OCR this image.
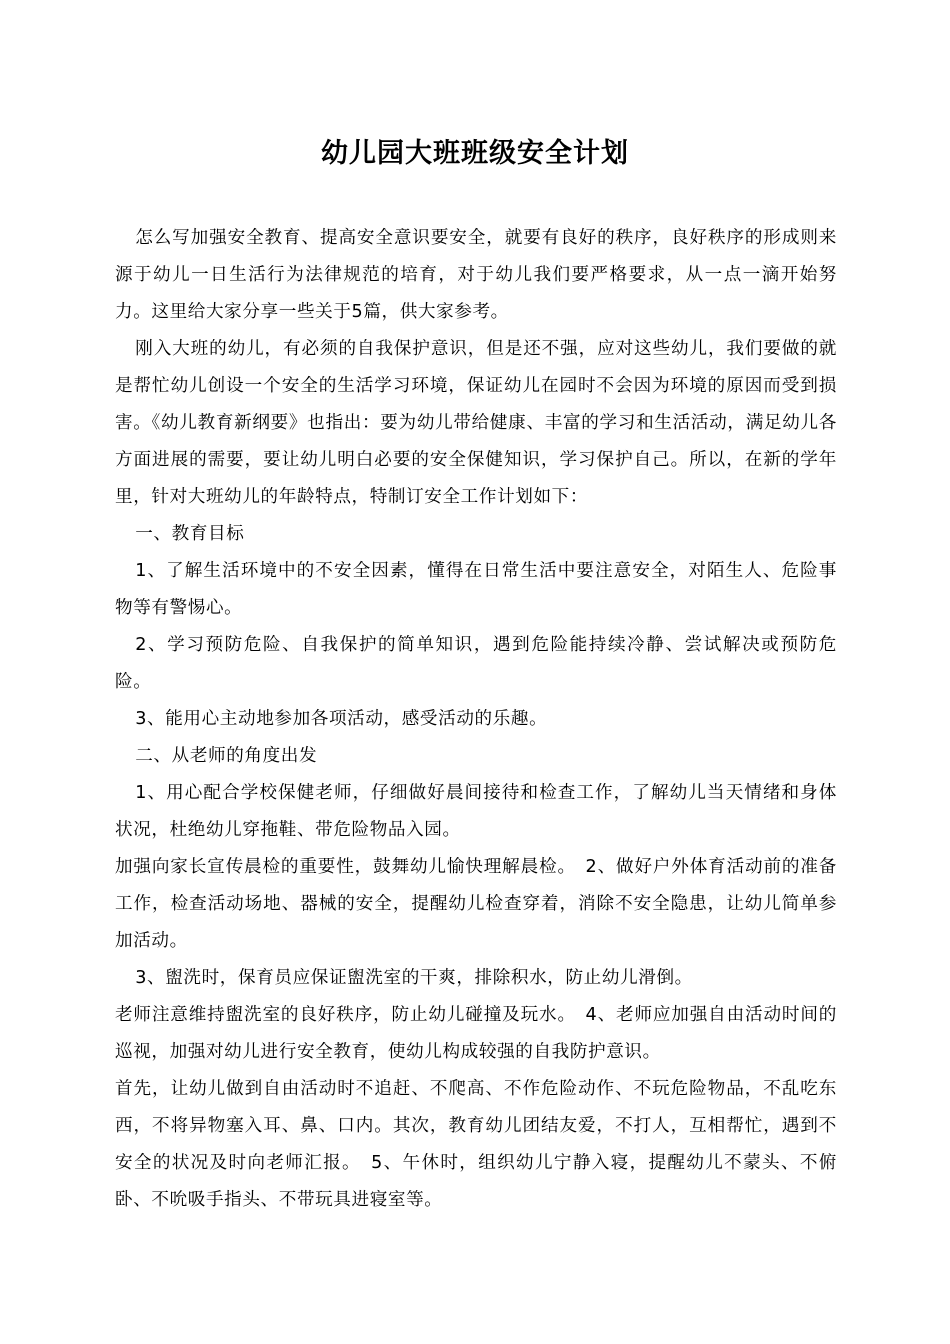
幼儿园大班班级安全计划

怎么写加强安全教育、提高安全意识要安全，就要有良好的秩序，良好秩序的形成则来源于幼儿一日生活行为法律规范的培育，对于幼儿我们要严格要求，从一点一滴开始努力。这里给大家分享一些关于5篇，供大家参考。

刚入大班的幼儿，有必须的自我保护意识，但是还不强，应对这些幼儿，我们要做的就是帮忙幼儿创设一个安全的生活学习环境，保证幼儿在园时不会因为环境的原因而受到损害。《幼儿教育新纲要》也指出：要为幼儿带给健康、丰富的学习和生活活动，满足幼儿各方面进展的需要，要让幼儿明白必要的安全保健知识，学习保护自己。所以，在新的学年里，针对大班幼儿的年龄特点，特制订安全工作计划如下：

一、教育目标

1、了解生活环境中的不安全因素，懂得在日常生活中要注意安全，对陌生人、危险事物等有警惕心。

2、学习预防危险、自我保护的简单知识，遇到危险能持续冷静、尝试解决或预防危险。

3、能用心主动地参加各项活动，感受活动的乐趣。

二、从老师的角度出发

1、用心配合学校保健老师，仔细做好晨间接待和检查工作，了解幼儿当天情绪和身体状况，杜绝幼儿穿拖鞋、带危险物品入园。

加强向家长宣传晨检的重要性，鼓舞幼儿愉快理解晨检。　2、做好户外体育活动前的准备工作，检查活动场地、器械的安全，提醒幼儿检查穿着，消除不安全隐患，让幼儿简单参加活动。

3、盥洗时，保育员应保证盥洗室的干爽，排除积水，防止幼儿滑倒。

老师注意维持盥洗室的良好秩序，防止幼儿碰撞及玩水。　4、老师应加强自由活动时间的巡视，加强对幼儿进行安全教育，使幼儿构成较强的自我防护意识。

首先，让幼儿做到自由活动时不追赶、不爬高、不作危险动作、不玩危险物品，不乱吃东西，不将异物塞入耳、鼻、口内。其次，教育幼儿团结友爱，不打人，互相帮忙，遇到不安全的状况及时向老师汇报。　5、午休时，组织幼儿宁静入寝，提醒幼儿不蒙头、不俯卧、不吮吸手指头、不带玩具进寝室等。
